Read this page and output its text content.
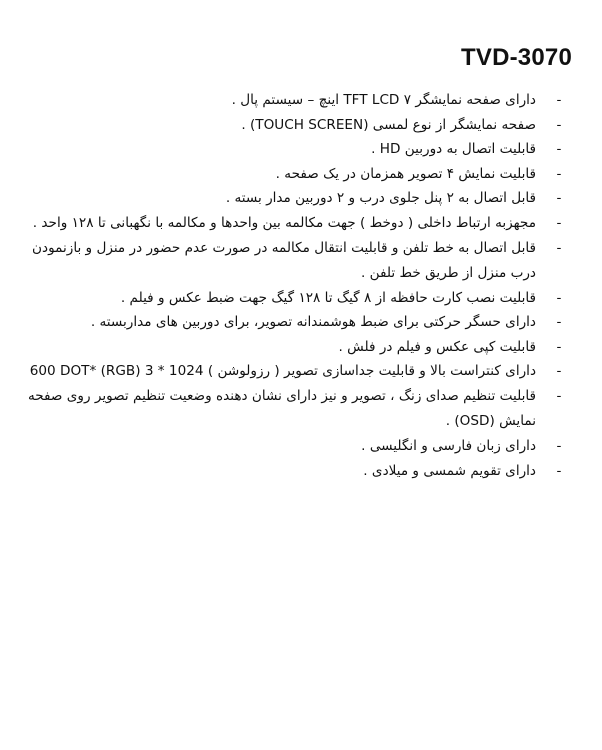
TVD-3070
-
دارای صفحه نمایشگر TFT LCD ۷ اینچ – سیستم پال .
-
صفحه نمایشگر از نوع لمسی (TOUCH SCREEN) .
-
قابلیت اتصال به دوربین HD .
-
قابلیت نمایش ۴ تصویر همزمان در یک صفحه .
-
قابل اتصال به ۲ پنل جلوی درب و ۲ دوربین مدار بسته .
-
مجهزبه ارتباط داخلی ( دوخط ) جهت مکالمه بین واحدها و مکالمه با نگهبانی تا ۱۲۸ واحد .
-
قابل اتصال به خط تلفن و قابلیت انتقال مکالمه در صورت عدم حضور در منزل و بازنمودن درب منزل از طریق خط تلفن .
-
قابلیت نصب کارت حافظه از ۸ گیگ تا ۱۲۸ گیگ جهت ضبط عکس و فیلم .
-
دارای حسگر حرکتی برای ضبط هوشمندانه تصویر، برای دوربین های مداربسته .
-
قابلیت کپی عکس و فیلم در فلش .
-
دارای کنتراست بالا و قابلیت جداسازی تصویر ( رزولوشن ) 1024 * 3 (RGB) *600 DOT
-
قابلیت تنظیم صدای زنگ ، تصویر و نیز دارای نشان دهنده وضعیت تنظیم تصویر روی صفحه نمایش (OSD) .
-
دارای زبان فارسی و انگلیسی .
-
دارای تقویم شمسی و میلادی .
